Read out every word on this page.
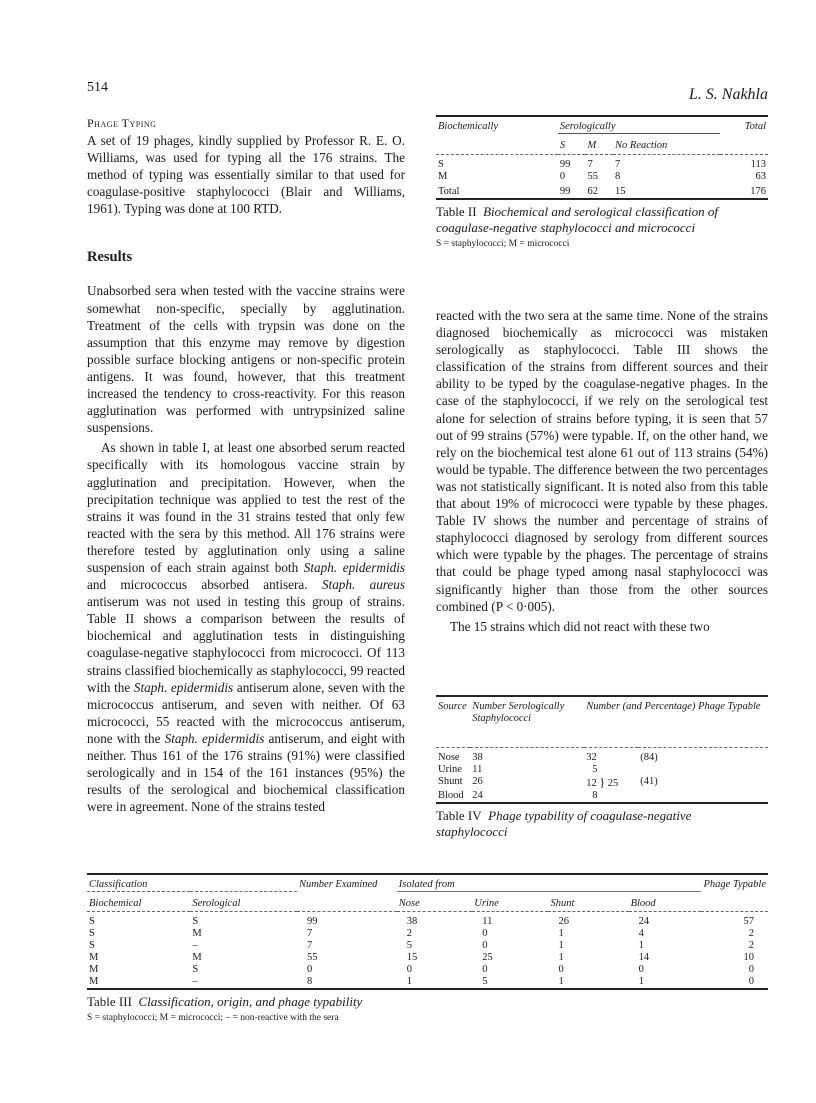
514	L. S. Nakhla
Phage Typing

A set of 19 phages, kindly supplied by Professor R. E. O. Williams, was used for typing all the 176 strains. The method of typing was essentially similar to that used for coagulase-positive staphylococci (Blair and Williams, 1961). Typing was done at 100 RTD.

Results

Unabsorbed sera when tested with the vaccine strains were somewhat non-specific, specially by agglutination. Treatment of the cells with trypsin was done on the assumption that this enzyme may remove by digestion possible surface blocking antigens or non-specific protein antigens. It was found, however, that this treatment increased the tendency to cross-reactivity. For this reason agglutination was performed with untrypsinized saline suspensions.

As shown in table I, at least one absorbed serum reacted specifically with its homologous vaccine strain by agglutination and precipitation. However, when the precipitation technique was applied to test the rest of the strains it was found in the 31 strains tested that only few reacted with the sera by this method. All 176 strains were therefore tested by agglutination only using a saline suspension of each strain against both Staph. epidermidis and micrococcus absorbed antisera. Staph. aureus antiserum was not used in testing this group of strains. Table II shows a comparison between the results of biochemical and agglutination tests in distinguishing coagulase-negative staphylococci from micrococci. Of 113 strains classified biochemically as staphylococci, 99 reacted with the Staph. epidermidis antiserum alone, seven with the micrococcus antiserum, and seven with neither. Of 63 micrococci, 55 reacted with the micrococcus antiserum, none with the Staph. epidermidis antiserum, and eight with neither. Thus 161 of the 176 strains (91%) were classified serologically and in 154 of the 161 instances (95%) the results of the serological and biochemical classification were in agreement. None of the strains tested

Biochemically	Serologically			Total
	S	M	No Reaction	

S	99	7	7	113
M	0	55	8	63
Total	99	62	15	176

Table II Biochemical and serological classification of coagulase-negative staphylococci and micrococci
S = staphylococci; M = micrococci

reacted with the two sera at the same time. None of the strains diagnosed biochemically as micrococci was mistaken serologically as staphylococci. Table III shows the classification of the strains from different sources and their ability to be typed by the coagulase-negative phages. In the case of the staphylococci, if we rely on the serological test alone for selection of strains before typing, it is seen that 57 out of 99 strains (57%) were typable. If, on the other hand, we rely on the biochemical test alone 61 out of 113 strains (54%) would be typable. The difference between the two percentages was not statistically significant. It is noted also from this table that about 19% of micrococci were typable by these phages. Table IV shows the number and percentage of strains of staphylococci diagnosed by serology from different sources which were typable by the phages. The percentage of strains that could be phage typed among nasal staphylococci was significantly higher than those from the other sources combined (P < 0·005).

The 15 strains which did not react with these two

Source	Number Serologically Staphylococci	Number (and Percentage) Phage Typable	

Nose	38	32	(84)
Urine	11	5	
Shunt	26	12 } 25	(41)
Blood	24	8	

Table IV Phage typability of coagulase-negative staphylococci

Classification		Number Examined	Isolated from				Phage Typable
Biochemical	Serological		Nose	Urine	Shunt	Blood	

S	S	99	38	11	26	24	57
S	M	7	2	0	1	4	2
S	–	7	5	0	1	1	2
M	M	55	15	25	1	14	10
M	S	0	0	0	0	0	0
M	–	8	1	5	1	1	0

Table III Classification, origin, and phage typability
S = staphylococci; M = micrococci; – = non-reactive with the sera
